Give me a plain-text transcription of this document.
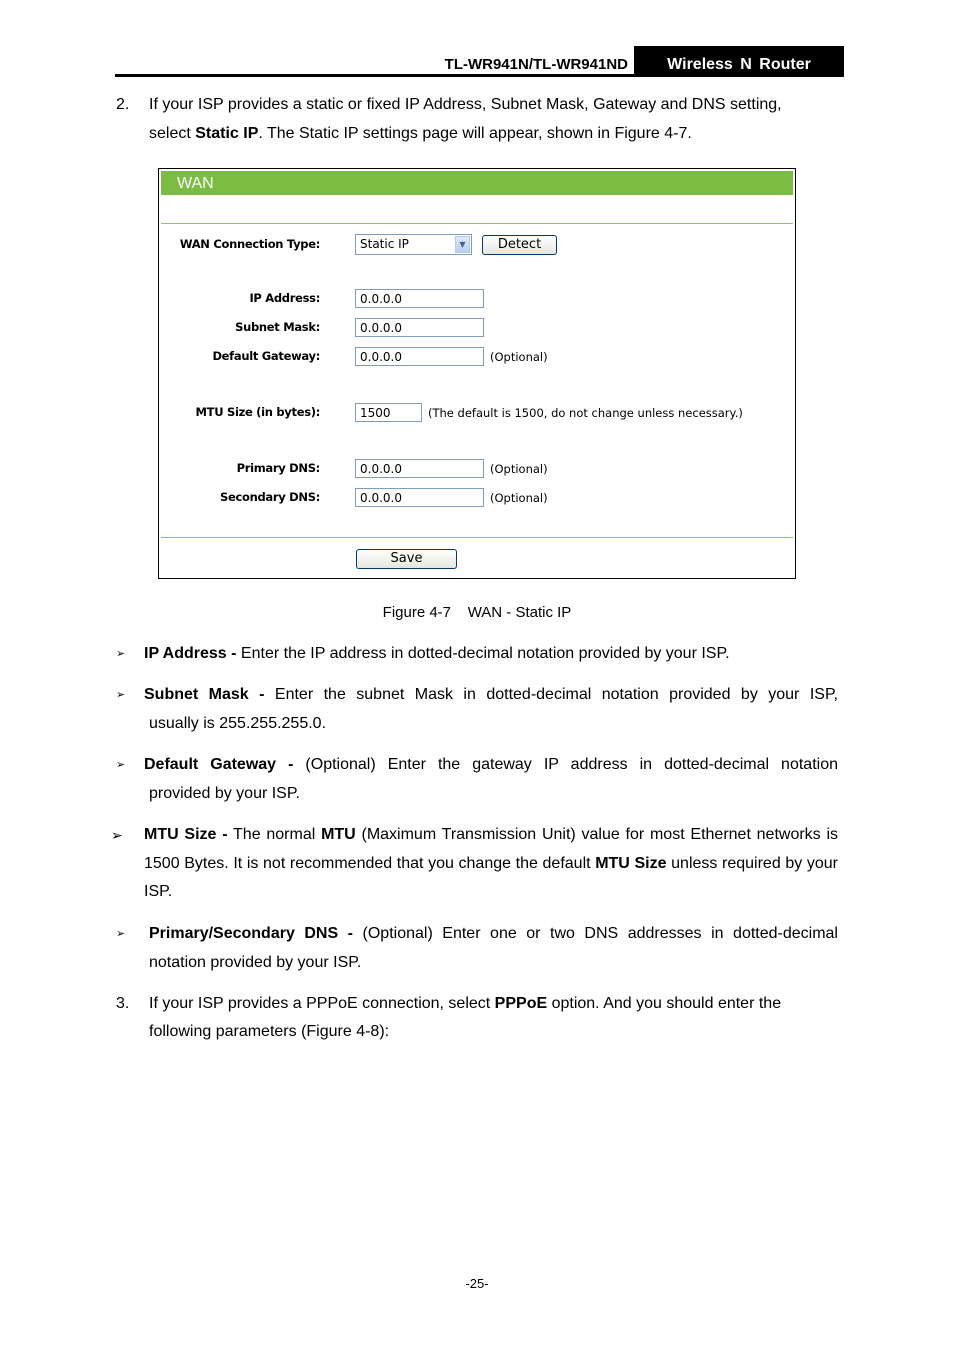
TL-WR941N/TL-WR941ND	Wireless N Router
2. If your ISP provides a static or fixed IP Address, Subnet Mask, Gateway and DNS setting,
select Static IP. The Static IP settings page will appear, shown in Figure 4-7.
WAN
WAN Connection Type:	Static IP	▼	Detect
IP Address:	0.0.0.0
Subnet Mask:	0.0.0.0
Default Gateway:	0.0.0.0	(Optional)
MTU Size (in bytes):	1500	(The default is 1500, do not change unless necessary.)
Primary DNS:	0.0.0.0	(Optional)
Secondary DNS:	0.0.0.0	(Optional)
Save
Figure 4-7    WAN - Static IP
➢	IP Address - Enter the IP address in dotted-decimal notation provided by your ISP.
➢	Subnet Mask - Enter the subnet Mask in dotted-decimal notation provided by your ISP,
usually is 255.255.255.0.
➢	Default Gateway - (Optional) Enter the gateway IP address in dotted-decimal notation
provided by your ISP.
➢	MTU Size - The normal MTU (Maximum Transmission Unit) value for most Ethernet networks is 1500 Bytes. It is not recommended that you change the default MTU Size unless required by your ISP.
➢	Primary/Secondary DNS - (Optional) Enter one or two DNS addresses in dotted-decimal
notation provided by your ISP.
3. If your ISP provides a PPPoE connection, select PPPoE option. And you should enter the
following parameters (Figure 4-8):
-25-
